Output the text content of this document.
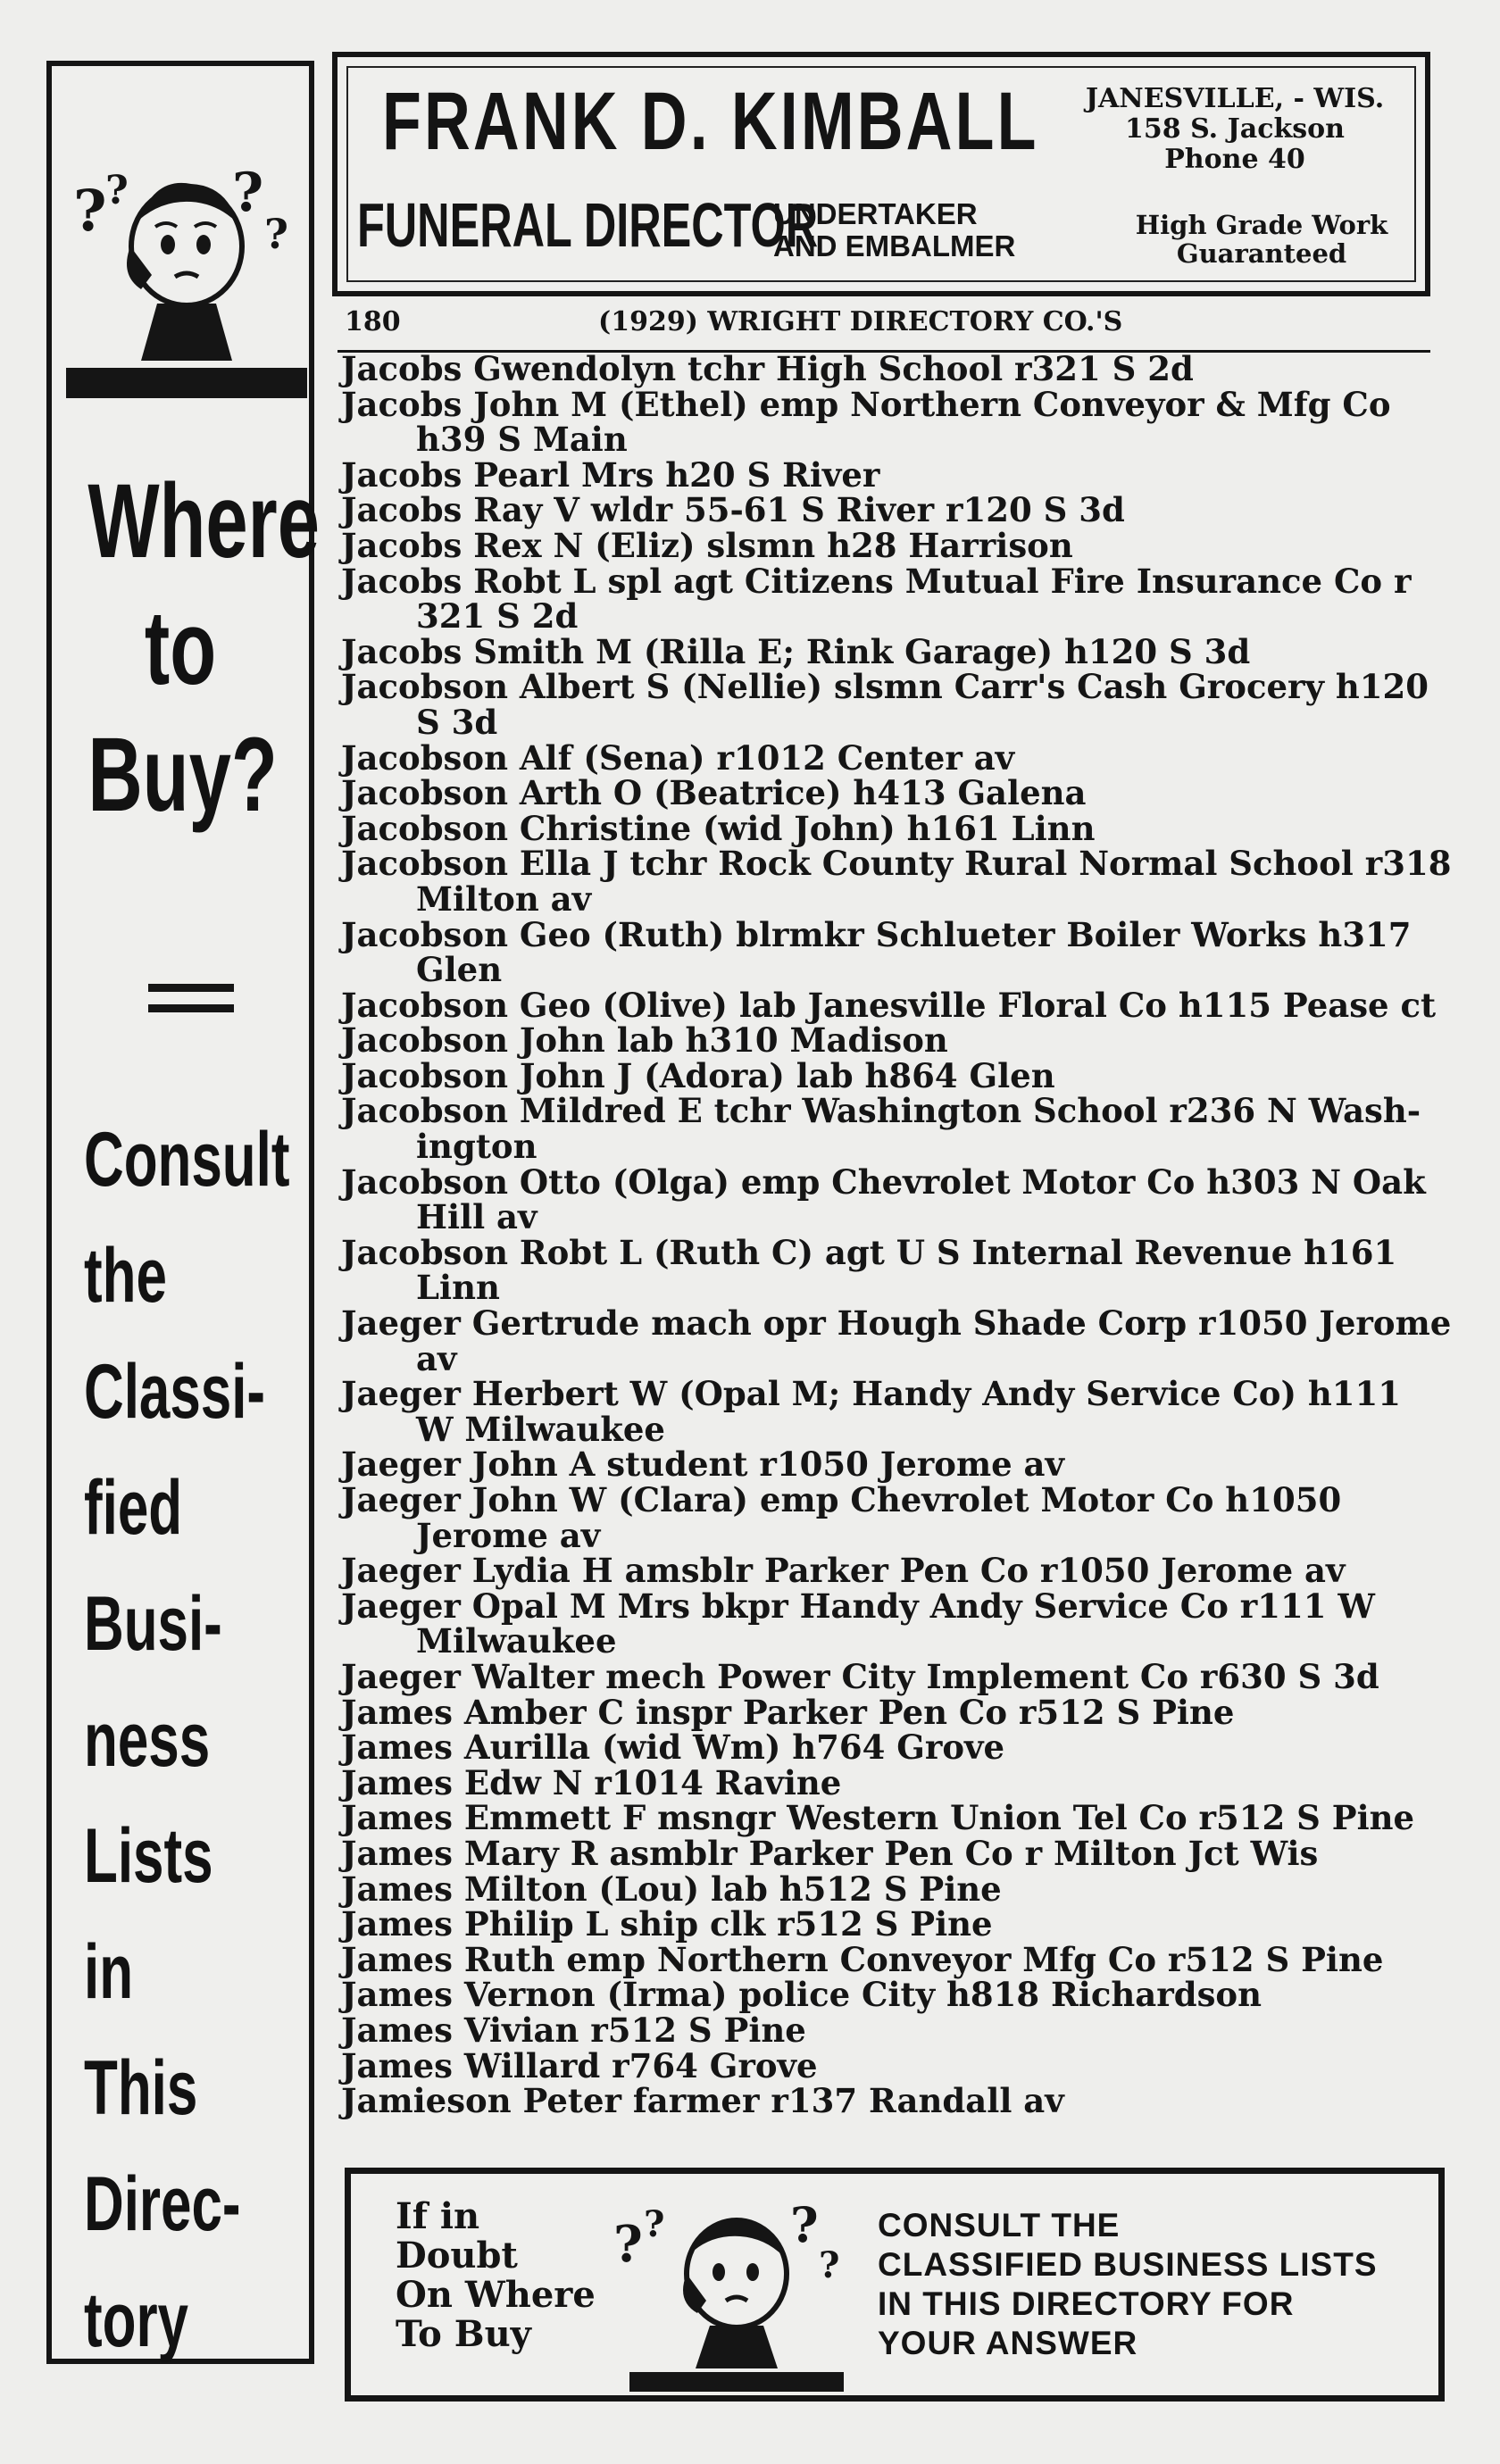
?
? ?
?
Where
to
Buy?
Consult
the
Classi-
fied
Busi-
ness
Lists
in
This
Direc-
tory
FRANK D. KIMBALL
FUNERAL DIRECTOR
UNDERTAKER
AND EMBALMER
JANESVILLE, - WIS.
158 S. Jackson
Phone 40
High Grade Work
Guaranteed
180	(1929) WRIGHT DIRECTORY CO.'S
Jacobs Gwendolyn tchr High School r321 S 2d
Jacobs John M (Ethel) emp Northern Conveyor & Mfg Co
h39 S Main
Jacobs Pearl Mrs h20 S River
Jacobs Ray V wldr 55-61 S River r120 S 3d
Jacobs Rex N (Eliz) slsmn h28 Harrison
Jacobs Robt L spl agt Citizens Mutual Fire Insurance Co r
321 S 2d
Jacobs Smith M (Rilla E; Rink Garage) h120 S 3d
Jacobson Albert S (Nellie) slsmn Carr's Cash Grocery h120
S 3d
Jacobson Alf (Sena) r1012 Center av
Jacobson Arth O (Beatrice) h413 Galena
Jacobson Christine (wid John) h161 Linn
Jacobson Ella J tchr Rock County Rural Normal School r318
Milton av
Jacobson Geo (Ruth) blrmkr Schlueter Boiler Works h317
Glen
Jacobson Geo (Olive) lab Janesville Floral Co h115 Pease ct
Jacobson John lab h310 Madison
Jacobson John J (Adora) lab h864 Glen
Jacobson Mildred E tchr Washington School r236 N Wash-
ington
Jacobson Otto (Olga) emp Chevrolet Motor Co h303 N Oak
Hill av
Jacobson Robt L (Ruth C) agt U S Internal Revenue h161
Linn
Jaeger Gertrude mach opr Hough Shade Corp r1050 Jerome
av
Jaeger Herbert W (Opal M; Handy Andy Service Co) h111
W Milwaukee
Jaeger John A student r1050 Jerome av
Jaeger John W (Clara) emp Chevrolet Motor Co h1050
Jerome av
Jaeger Lydia H amsblr Parker Pen Co r1050 Jerome av
Jaeger Opal M Mrs bkpr Handy Andy Service Co r111 W
Milwaukee
Jaeger Walter mech Power City Implement Co r630 S 3d
James Amber C inspr Parker Pen Co r512 S Pine
James Aurilla (wid Wm) h764 Grove
James Edw N r1014 Ravine
James Emmett F msngr Western Union Tel Co r512 S Pine
James Mary R asmblr Parker Pen Co r Milton Jct Wis
James Milton (Lou) lab h512 S Pine
James Philip L ship clk r512 S Pine
James Ruth emp Northern Conveyor Mfg Co r512 S Pine
James Vernon (Irma) police City h818 Richardson
James Vivian r512 S Pine
James Willard r764 Grove
Jamieson Peter farmer r137 Randall av
If in
Doubt
On Where
To Buy
? ?	?
?
CONSULT THE
CLASSIFIED BUSINESS LISTS
IN THIS DIRECTORY FOR
YOUR ANSWER
